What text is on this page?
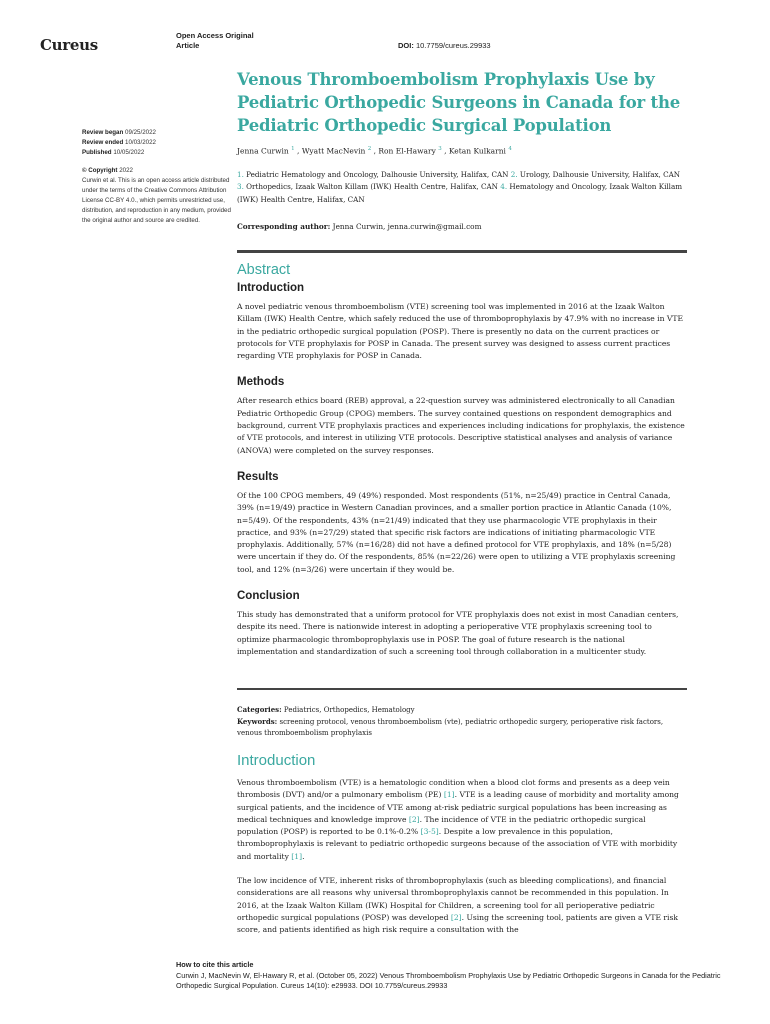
Cureus
Open Access Original
Article	DOI: 10.7759/cureus.29933
Review began 09/25/2022
Review ended 10/03/2022
Published 10/05/2022
© Copyright 2022
Curwin et al. This is an open access article distributed under the terms of the Creative Commons Attribution License CC-BY 4.0., which permits unrestricted use, distribution, and reproduction in any medium, provided the original author and source are credited.
Venous Thromboembolism Prophylaxis Use by Pediatric Orthopedic Surgeons in Canada for the Pediatric Orthopedic Surgical Population
Jenna Curwin $^1$ , Wyatt MacNevin $^2$ , Ron El-Hawary $^3$ , Ketan Kulkarni $^4$
1. Pediatric Hematology and Oncology, Dalhousie University, Halifax, CAN 2. Urology, Dalhousie University, Halifax, CAN 3. Orthopedics, Izaak Walton Killam (IWK) Health Centre, Halifax, CAN 4. Hematology and Oncology, Izaak Walton Killam (IWK) Health Centre, Halifax, CAN
Corresponding author: Jenna Curwin, jenna.curwin@gmail.com
Abstract
Introduction

A novel pediatric venous thromboembolism (VTE) screening tool was implemented in 2016 at the Izaak Walton Killam (IWK) Health Centre, which safely reduced the use of thromboprophylaxis by 47.9% with no increase in VTE in the pediatric orthopedic surgical population (POSP). There is presently no data on the current practices or protocols for VTE prophylaxis for POSP in Canada. The present survey was designed to assess current practices regarding VTE prophylaxis for POSP in Canada.

Methods

After research ethics board (REB) approval, a 22-question survey was administered electronically to all Canadian Pediatric Orthopedic Group (CPOG) members. The survey contained questions on respondent demographics and background, current VTE prophylaxis practices and experiences including indications for prophylaxis, the existence of VTE protocols, and interest in utilizing VTE protocols. Descriptive statistical analyses and analysis of variance (ANOVA) were completed on the survey responses.

Results

Of the 100 CPOG members, 49 (49%) responded. Most respondents (51%, n=25/49) practice in Central Canada, 39% (n=19/49) practice in Western Canadian provinces, and a smaller portion practice in Atlantic Canada (10%, n=5/49). Of the respondents, 43% (n=21/49) indicated that they use pharmacologic VTE prophylaxis in their practice, and 93% (n=27/29) stated that specific risk factors are indications of initiating pharmacologic VTE prophylaxis. Additionally, 57% (n=16/28) did not have a defined protocol for VTE prophylaxis, and 18% (n=5/28) were uncertain if they do. Of the respondents, 85% (n=22/26) were open to utilizing a VTE prophylaxis screening tool, and 12% (n=3/26) were uncertain if they would be.

Conclusion

This study has demonstrated that a uniform protocol for VTE prophylaxis does not exist in most Canadian centers, despite its need. There is nationwide interest in adopting a perioperative VTE prophylaxis screening tool to optimize pharmacologic thromboprophylaxis use in POSP. The goal of future research is the national implementation and standardization of such a screening tool through collaboration in a multicenter study.

Categories: Pediatrics, Orthopedics, Hematology
Keywords: screening protocol, venous thromboembolism (vte), pediatric orthopedic surgery, perioperative risk factors, venous thromboembolism prophylaxis
Introduction

Venous thromboembolism (VTE) is a hematologic condition when a blood clot forms and presents as a deep vein thrombosis (DVT) and/or a pulmonary embolism (PE) [1]. VTE is a leading cause of morbidity and mortality among surgical patients, and the incidence of VTE among at-risk pediatric surgical populations has been increasing as medical techniques and knowledge improve [2]. The incidence of VTE in the pediatric orthopedic surgical population (POSP) is reported to be 0.1%-0.2% [3-5]. Despite a low prevalence in this population, thromboprophylaxis is relevant to pediatric orthopedic surgeons because of the association of VTE with morbidity and mortality [1].

The low incidence of VTE, inherent risks of thromboprophylaxis (such as bleeding complications), and financial considerations are all reasons why universal thromboprophylaxis cannot be recommended in this population. In 2016, at the Izaak Walton Killam (IWK) Hospital for Children, a screening tool for all perioperative pediatric orthopedic surgical populations (POSP) was developed [2]. Using the screening tool, patients are given a VTE risk score, and patients identified as high risk require a consultation with the

How to cite this article
Curwin J, MacNevin W, El-Hawary R, et al. (October 05, 2022) Venous Thromboembolism Prophylaxis Use by Pediatric Orthopedic Surgeons in Canada for the Pediatric Orthopedic Surgical Population. Cureus 14(10): e29933. DOI 10.7759/cureus.29933
